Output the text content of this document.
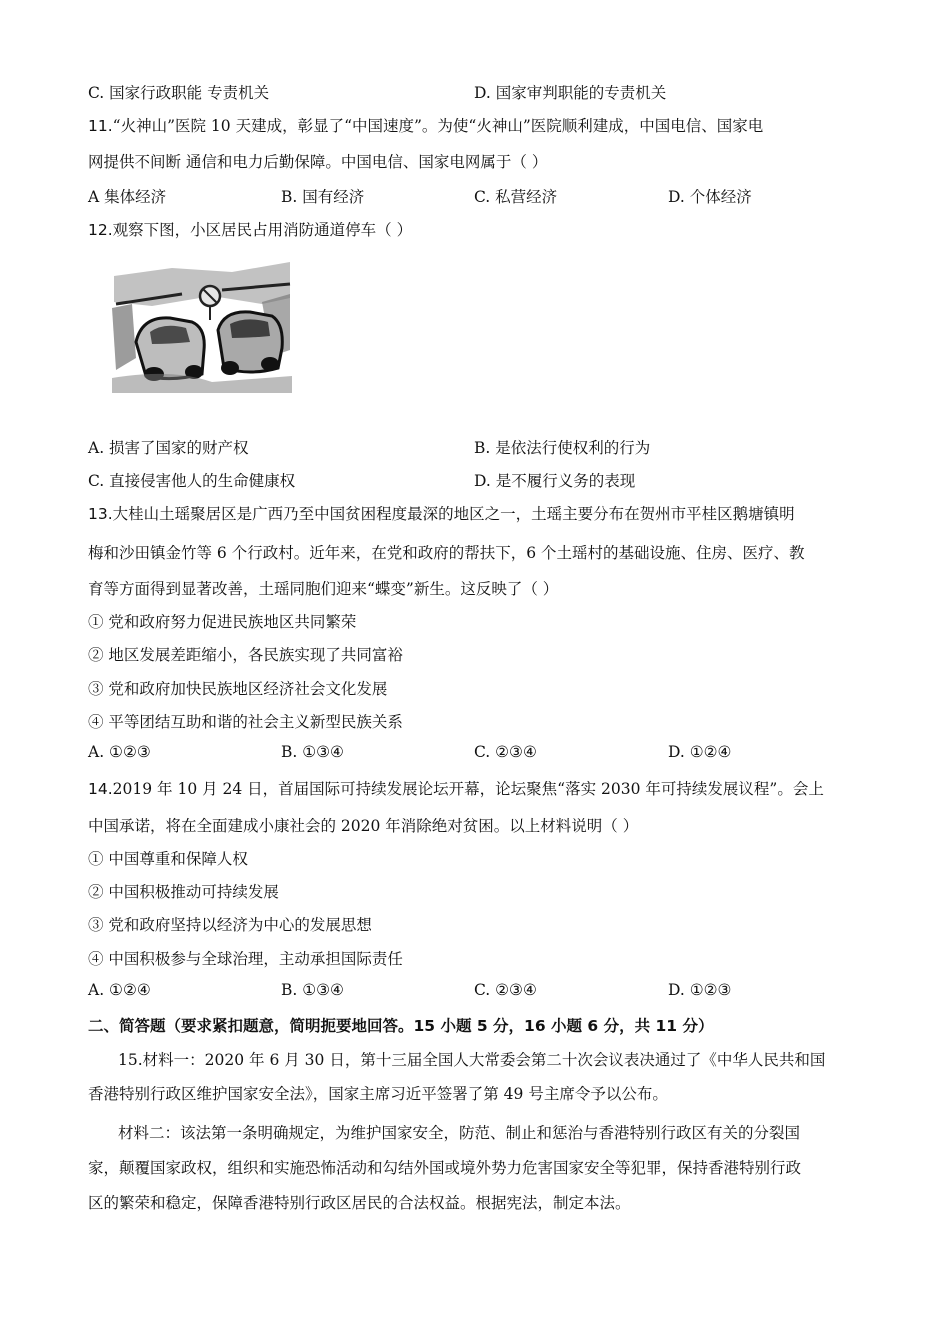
C. 国家行政职能 专责机关	D. 国家审判职能的专责机关
11.“火神山”医院 10 天建成，彰显了“中国速度”。为使“火神山”医院顺利建成，中国电信、国家电
网提供不间断 通信和电力后勤保障。中国电信、国家电网属于（ ）
A 集体经济	B. 国有经济	C. 私营经济	D. 个体经济
12.观察下图，小区居民占用消防通道停车（ ）
A. 损害了国家的财产权	B. 是依法行使权利的行为
C. 直接侵害他人的生命健康权	D. 是不履行义务的表现
13.大桂山土瑶聚居区是广西乃至中国贫困程度最深的地区之一，土瑶主要分布在贺州市平桂区鹅塘镇明
梅和沙田镇金竹等 6 个行政村。近年来，在党和政府的帮扶下，6 个土瑶村的基础设施、住房、医疗、教
育等方面得到显著改善，土瑶同胞们迎来“蝶变”新生。这反映了（ ）
① 党和政府努力促进民族地区共同繁荣
② 地区发展差距缩小，各民族实现了共同富裕
③ 党和政府加快民族地区经济社会文化发展
④ 平等团结互助和谐的社会主义新型民族关系
A. ①②③	B. ①③④	C. ②③④	D. ①②④
14.2019 年 10 月 24 日，首届国际可持续发展论坛开幕，论坛聚焦“落实 2030 年可持续发展议程”。会上
中国承诺，将在全面建成小康社会的 2020 年消除绝对贫困。以上材料说明（ ）
① 中国尊重和保障人权
② 中国积极推动可持续发展
③ 党和政府坚持以经济为中心的发展思想
④ 中国积极参与全球治理，主动承担国际责任
A. ①②④	B. ①③④	C. ②③④	D. ①②③
二、简答题（要求紧扣题意，简明扼要地回答。15 小题 5 分，16 小题 6 分，共 11 分）
15.材料一：2020 年 6 月 30 日，第十三届全国人大常委会第二十次会议表决通过了《中华人民共和国
香港特别行政区维护国家安全法》，国家主席习近平签署了第 49 号主席令予以公布。
材料二：该法第一条明确规定，为维护国家安全，防范、制止和惩治与香港特别行政区有关的分裂国
家，颠覆国家政权，组织和实施恐怖活动和勾结外国或境外势力危害国家安全等犯罪，保持香港特别行政
区的繁荣和稳定，保障香港特别行政区居民的合法权益。根据宪法，制定本法。
